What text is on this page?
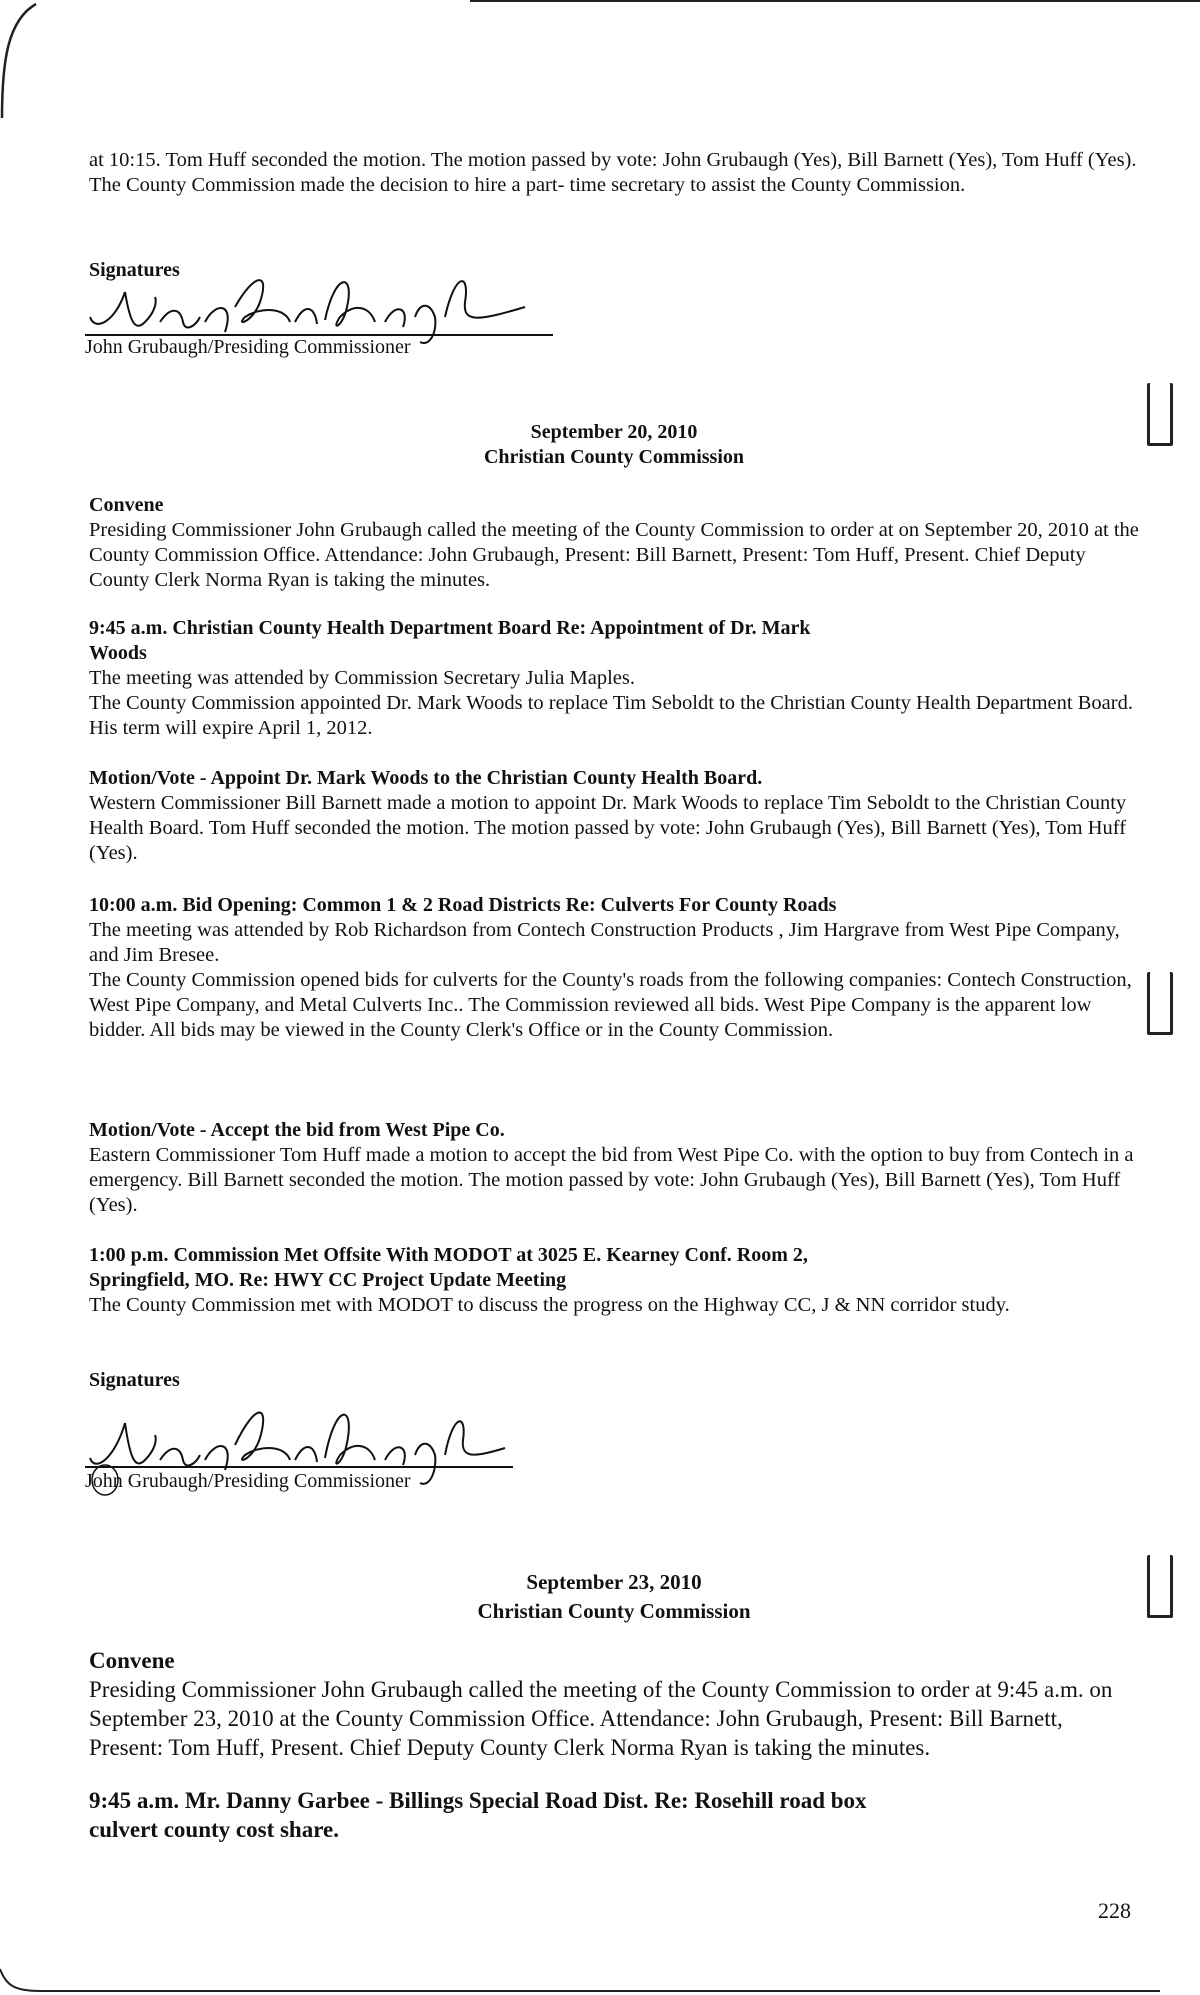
at 10:15. Tom Huff seconded the motion. The motion passed by vote: John Grubaugh (Yes), Bill Barnett (Yes), Tom Huff (Yes). The County Commission made the decision to hire a part- time secretary to assist the County Commission.

Signatures

John Grubaugh/Presiding Commissioner

September 20, 2010

Christian County Commission

Convene

Presiding Commissioner John Grubaugh called the meeting of the County Commission to order at on September 20, 2010 at the County Commission Office. Attendance: John Grubaugh, Present: Bill Barnett, Present: Tom Huff, Present. Chief Deputy County Clerk Norma Ryan is taking the minutes.

9:45 a.m. Christian County Health Department Board Re: Appointment of Dr. Mark Woods

The meeting was attended by Commission Secretary Julia Maples.

The County Commission appointed Dr. Mark Woods to replace Tim Seboldt to the Christian County Health Department Board. His term will expire April 1, 2012.

Motion/Vote - Appoint Dr. Mark Woods to the Christian County Health Board.

Western Commissioner Bill Barnett made a motion to appoint Dr. Mark Woods to replace Tim Seboldt to the Christian County Health Board. Tom Huff seconded the motion. The motion passed by vote: John Grubaugh (Yes), Bill Barnett (Yes), Tom Huff (Yes).

10:00 a.m. Bid Opening: Common 1 & 2 Road Districts Re: Culverts For County Roads

The meeting was attended by Rob Richardson from Contech Construction Products , Jim Hargrave from West Pipe Company, and Jim Bresee.

The County Commission opened bids for culverts for the County's roads from the following companies: Contech Construction, West Pipe Company, and Metal Culverts Inc.. The Commission reviewed all bids. West Pipe Company is the apparent low bidder. All bids may be viewed in the County Clerk's Office or in the County Commission.

Motion/Vote - Accept the bid from West Pipe Co.

Eastern Commissioner Tom Huff made a motion to accept the bid from West Pipe Co. with the option to buy from Contech in a emergency. Bill Barnett seconded the motion. The motion passed by vote: John Grubaugh (Yes), Bill Barnett (Yes), Tom Huff (Yes).

1:00 p.m. Commission Met Offsite With MODOT at 3025 E. Kearney Conf. Room 2, Springfield, MO. Re: HWY CC Project Update Meeting

The County Commission met with MODOT to discuss the progress on the Highway CC, J & NN corridor study.

Signatures

John Grubaugh/Presiding Commissioner

September 23, 2010

Christian County Commission

Convene

Presiding Commissioner John Grubaugh called the meeting of the County Commission to order at 9:45 a.m. on September 23, 2010 at the County Commission Office. Attendance: John Grubaugh, Present: Bill Barnett, Present: Tom Huff, Present. Chief Deputy County Clerk Norma Ryan is taking the minutes.

9:45 a.m. Mr. Danny Garbee - Billings Special Road Dist. Re: Rosehill road box culvert county cost share.

228
